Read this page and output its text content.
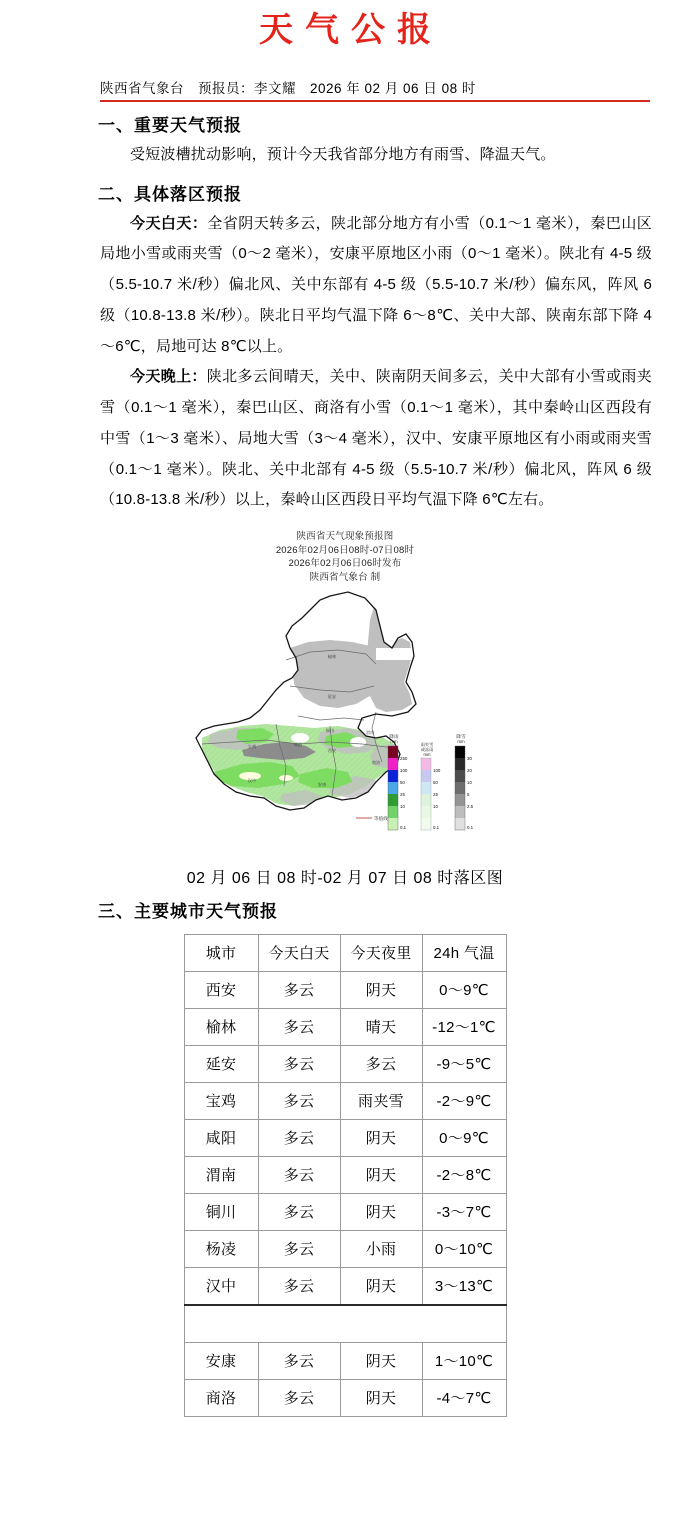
天气公报
陕西省气象台　预报员：李文耀　2026 年 02 月 06 日 08 时
一、重要天气预报
受短波槽扰动影响，预计今天我省部分地方有雨雪、降温天气。
二、具体落区预报
今天白天：全省阴天转多云，陕北部分地方有小雪（0.1～1 毫米），秦巴山区局地小雪或雨夹雪（0～2 毫米），安康平原地区小雨（0～1 毫米）。陕北有 4-5 级（5.5-10.7 米/秒）偏北风、关中东部有 4-5 级（5.5-10.7 米/秒）偏东风，阵风 6 级（10.8-13.8 米/秒）。陕北日平均气温下降 6～8℃、关中大部、陕南东部下降 4～6℃，局地可达 8℃以上。
今天晚上：陕北多云间晴天，关中、陕南阴天间多云，关中大部有小雪或雨夹雪（0.1～1 毫米），秦巴山区、商洛有小雪（0.1～1 毫米），其中秦岭山区西段有中雪（1～3 毫米）、局地大雪（3～4 毫米），汉中、安康平原地区有小雨或雨夹雪（0.1～1 毫米）。陕北、关中北部有 4-5 级（5.5-10.7 米/秒）偏北风，阵风 6 级（10.8-13.8 米/秒）以上，秦岭山区西段日平均气温下降 6℃左右。
陕西省天气现象预报图
2026年02月06日08时-07日08时
2026年02月06日06时发布
陕西省气象台 制
榆林
延安
铜川	渭南
宝鸡	咸阳
西安
商洛
汉中
安康
降雨
mm
250
100
50
25
10
0.1
雨夹雪
或冻雨
mm
100
50
25
10
0.1
降雪
mm
30
20
10
5
2.5
0.1
等值线
02 月 06 日 08 时-02 月 07 日 08 时落区图
三、主要城市天气预报
城市	今天白天	今天夜里	24h 气温
西安	多云	阴天	0～9℃
榆林	多云	晴天	-12～1℃
延安	多云	多云	-9～5℃
宝鸡	多云	雨夹雪	-2～9℃
咸阳	多云	阴天	0～9℃
渭南	多云	阴天	-2～8℃
铜川	多云	阴天	-3～7℃
杨凌	多云	小雨	0～10℃
汉中	多云	阴天	3～13℃

安康	多云	阴天	1～10℃
商洛	多云	阴天	-4～7℃
